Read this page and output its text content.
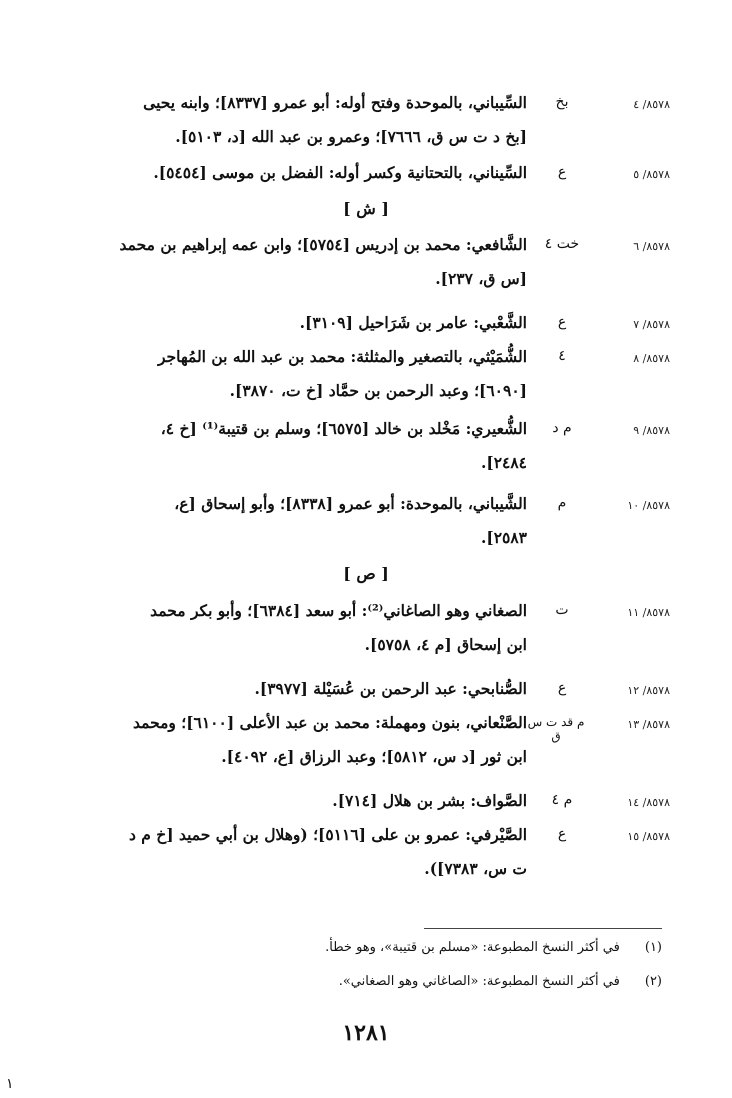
٨٥٧٨/ ٤
بخ
السِّيباني، بالموحدة وفتح أوله: أبو عمرو [٨٣٣٧]؛ وابنه يحيى
[بخ د ت س ق، ٧٦٦٦]؛ وعمرو بن عبد الله [د، ٥١٠٣].
٨٥٧٨/ ٥
ع
السِّيناني، بالتحتانية وكسر أوله: الفضل بن موسى [٥٤٥٤].
[ ش ]
٨٥٧٨/ ٦
خت ٤
الشَّافعي: محمد بن إدريس [٥٧٥٤]؛ وابن عمه إبراهيم بن محمد
[س ق، ٢٣٧].
٨٥٧٨/ ٧
ع
الشَّعْبي: عامر بن شَرَاحيل [٣١٠٩].
٨٥٧٨/ ٨
٤
الشُّمَيْثي، بالتصغير والمثلثة: محمد بن عبد الله بن المُهاجر
[٦٠٩٠]؛ وعبد الرحمن بن حمَّاد [خ ت، ٣٨٧٠].
٨٥٧٨/ ٩
م د
الشُّعيري: مَخْلد بن خالد [٦٥٧٥]؛ وسلم بن قتيبة⁽¹⁾ [خ ٤،
٢٤٨٤].
٨٥٧٨/ ١٠
م
الشَّيباني، بالموحدة: أبو عمرو [٨٣٣٨]؛ وأبو إسحاق [ع،
٢٥٨٣].
[ ص ]
٨٥٧٨/ ١١
ت
الصغاني وهو الصاغاني⁽²⁾: أبو سعد [٦٣٨٤]؛ وأبو بكر محمد
ابن إسحاق [م ٤، ٥٧٥٨].
٨٥٧٨/ ١٢
ع
الصُّنابحي: عبد الرحمن بن عُسَيْلة [٣٩٧٧].
٨٥٧٨/ ١٣
م قد ت س ق
الصَّنْعاني، بنون ومهملة: محمد بن عبد الأعلى [٦١٠٠]؛ ومحمد
ابن ثور [د س، ٥٨١٢]؛ وعبد الرزاق [ع، ٤٠٩٢].
٨٥٧٨/ ١٤
م ٤
الصَّواف: بشر بن هلال [٧١٤].
٨٥٧٨/ ١٥
ع
الصَّيْرفي: عمرو بن على [٥١١٦]؛ (وهلال بن أبي حميد [خ م د
ت س، ٧٣٨٣]).
(١) في أكثر النسخ المطبوعة: «مسلم بن قتيبة»، وهو خطأ.
(٢) في أكثر النسخ المطبوعة: «الصاغاني وهو الصغاني».
١٢٨١
١
